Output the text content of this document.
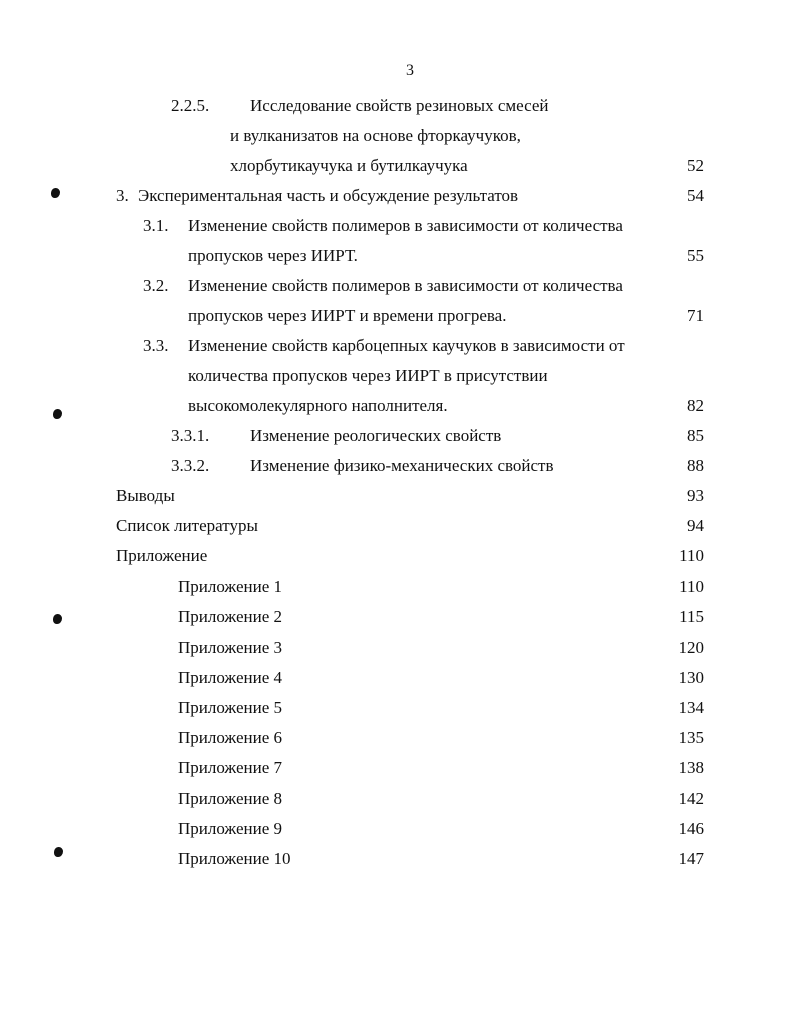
3
2.2.5. Исследование свойств резиновых смесей
и вулканизатов на основе фторкаучуков,
хлорбутикаучука и бутилкаучука	52
3. Экспериментальная часть и обсуждение результатов	54
3.1. Изменение свойств полимеров в зависимости от количества
пропусков через ИИРТ.	55
3.2. Изменение свойств полимеров в зависимости от количества
пропусков через ИИРТ и времени прогрева.	71
3.3. Изменение свойств карбоцепных каучуков в зависимости от
количества пропусков через ИИРТ в присутствии
высокомолекулярного наполнителя.	82
3.3.1. Изменение реологических свойств	85
3.3.2. Изменение физико-механических свойств	88
Выводы	93
Список литературы	94
Приложение	110
Приложение 1	110
Приложение 2	115
Приложение 3	120
Приложение 4	130
Приложение 5	134
Приложение 6	135
Приложение 7	138
Приложение 8	142
Приложение 9	146
Приложение 10	147
